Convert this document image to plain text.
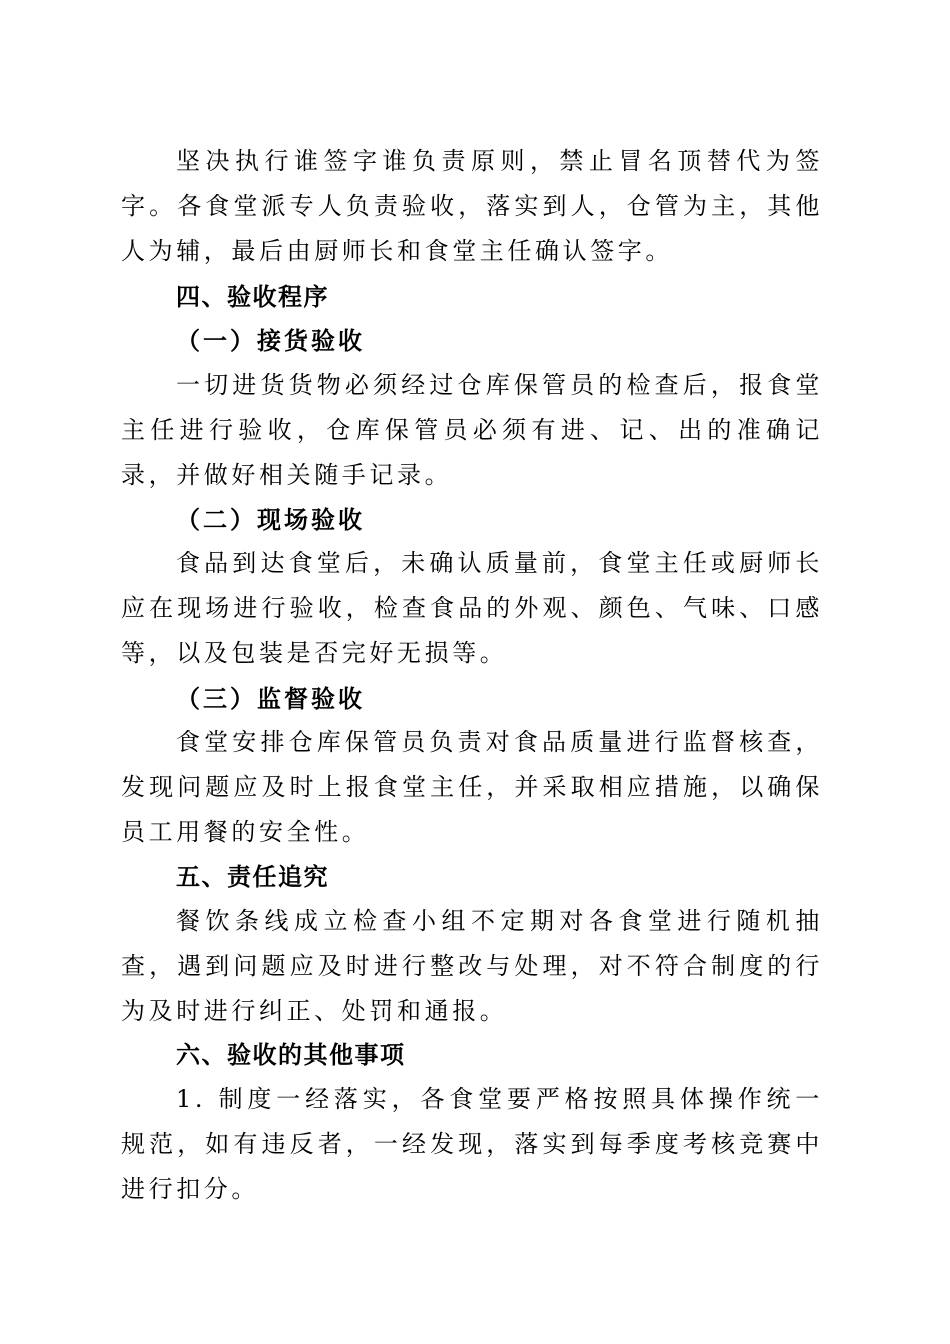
坚决执行谁签字谁负责原则，禁止冒名顶替代为签字。各食堂派专人负责验收，落实到人，仓管为主，其他人为辅，最后由厨师长和食堂主任确认签字。

四、验收程序
（一）接货验收

一切进货货物必须经过仓库保管员的检查后，报食堂主任进行验收，仓库保管员必须有进、记、出的准确记录，并做好相关随手记录。

（二）现场验收

食品到达食堂后，未确认质量前，食堂主任或厨师长应在现场进行验收，检查食品的外观、颜色、气味、口感等，以及包装是否完好无损等。

（三）监督验收

食堂安排仓库保管员负责对食品质量进行监督核查，发现问题应及时上报食堂主任，并采取相应措施，以确保员工用餐的安全性。

五、责任追究

餐饮条线成立检查小组不定期对各食堂进行随机抽查，遇到问题应及时进行整改与处理，对不符合制度的行为及时进行纠正、处罚和通报。

六、验收的其他事项

1. 制度一经落实，各食堂要严格按照具体操作统一规范，如有违反者，一经发现，落实到每季度考核竞赛中进行扣分。
